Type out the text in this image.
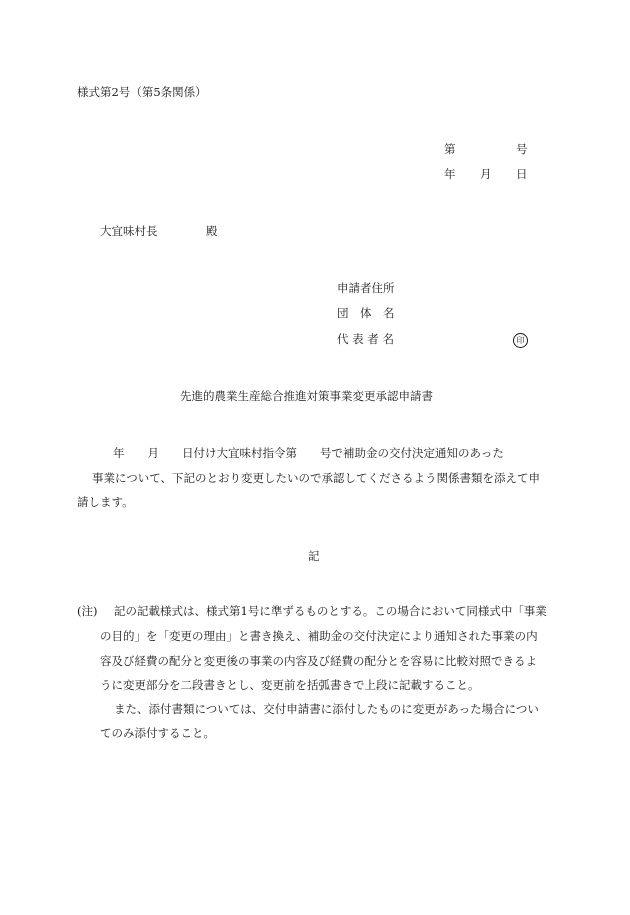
様式第2号（第5条関係）
第	号
年 月 日
大宜味村長	殿
申請者住所
団　体　名
代 表 者 名	印
先進的農業生産総合推進対策事業変更承認申請書
年　　月　　日付け大宜味村指令第　　号で補助金の交付決定通知のあった
事業について、下記のとおり変更したいので承認してくださるよう関係書類を添えて申
請します。
記
(注) 記の記載様式は、様式第1号に準ずるものとする。この場合において同様式中「事業
の目的」を「変更の理由」と書き換え、補助金の交付決定により通知された事業の内
容及び経費の配分と変更後の事業の内容及び経費の配分とを容易に比較対照できるよ
うに変更部分を二段書きとし、変更前を括弧書きで上段に記載すること。
また、添付書類については、交付申請書に添付したものに変更があった場合につい
てのみ添付すること。
